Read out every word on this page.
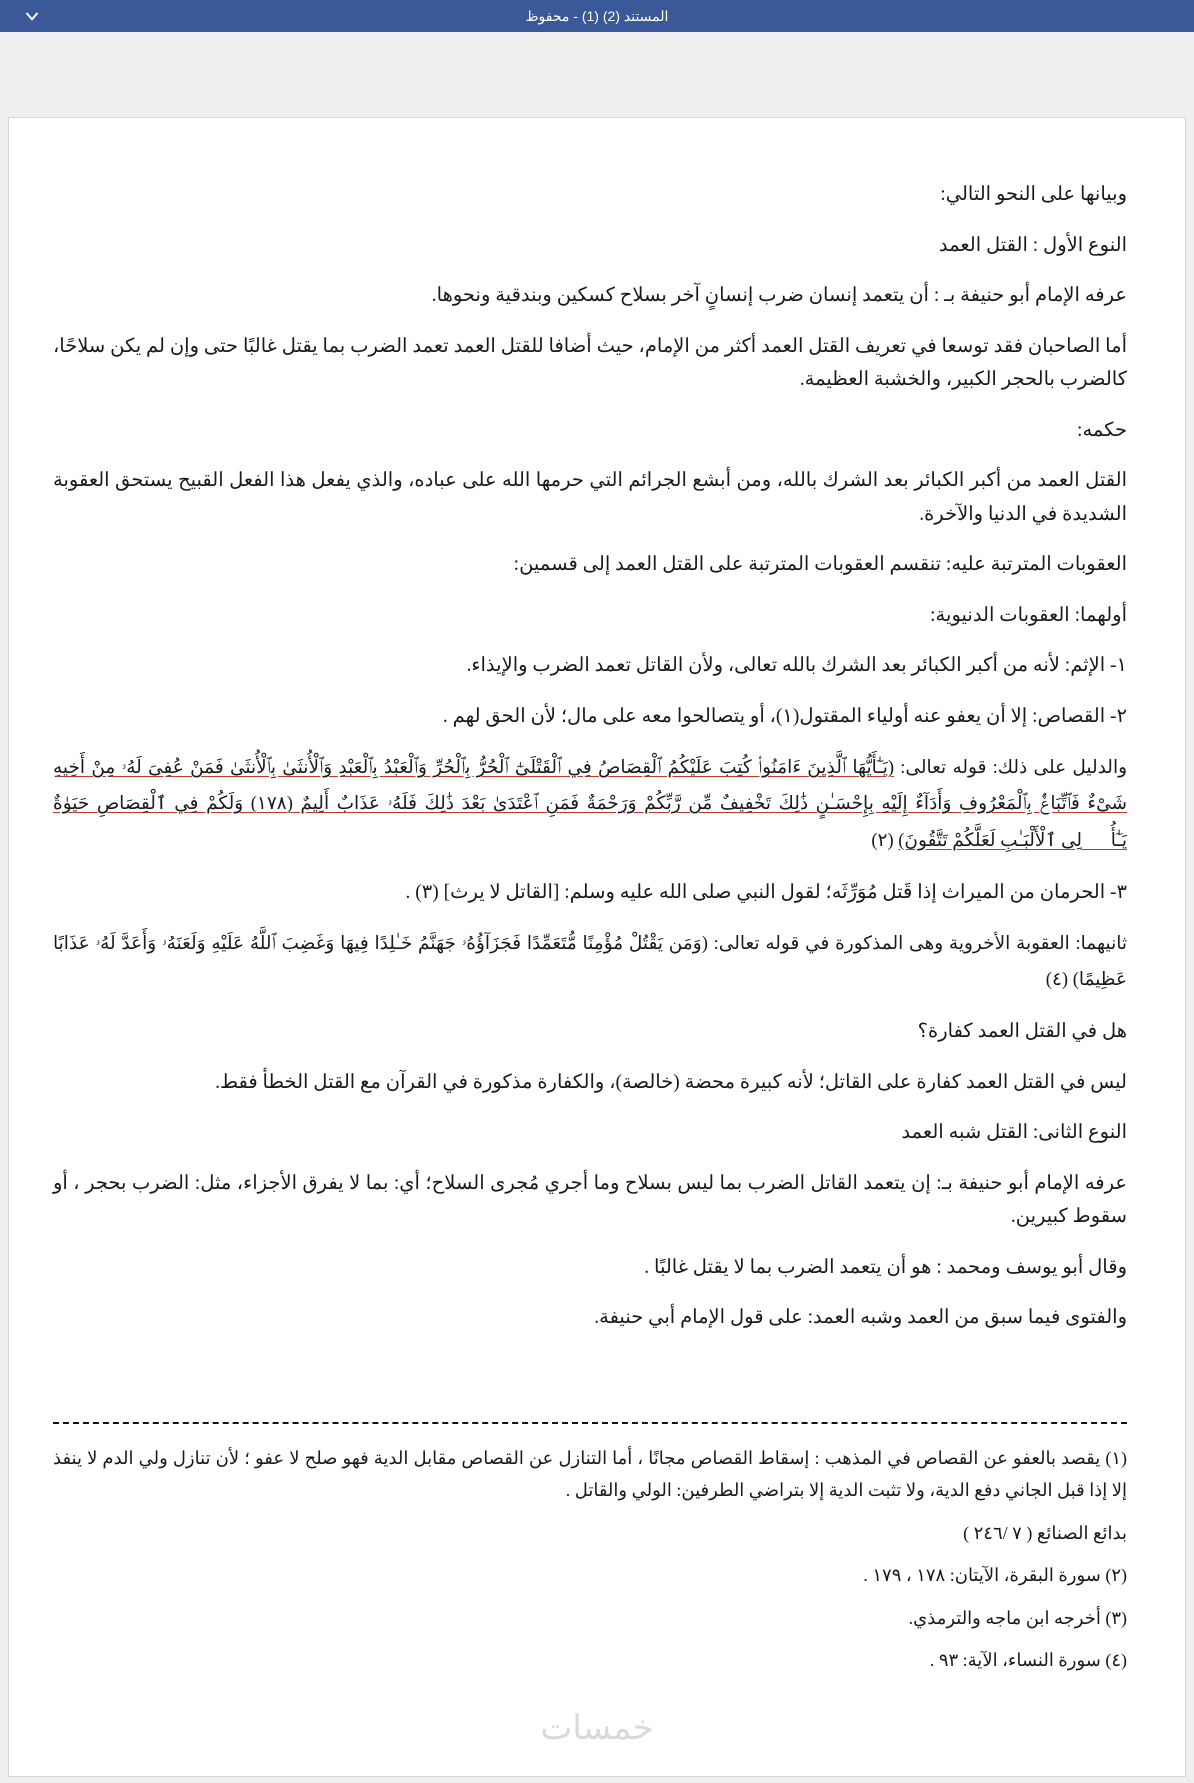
المستند (2) (1) - محفوظ

وبيانها على النحو التالي:

النوع الأول : القتل العمد

عرفه الإمام أبو حنيفة بـ : أن يتعمد إنسان ضرب إنسانٍ آخر بسلاح كسكين وبندقية ونحوها.

أما الصاحبان فقد توسعا في تعريف القتل العمد أكثر من الإمام، حيث أضافا للقتل العمد تعمد الضرب بما يقتل غالبًا حتى وإن لم يكن سلاحًا، كالضرب بالحجر الكبير، والخشبة العظيمة.

حكمه:

القتل العمد من أكبر الكبائر بعد الشرك بالله، ومن أبشع الجرائم التي حرمها الله على عباده، والذي يفعل هذا الفعل القبيح يستحق العقوبة الشديدة في الدنيا والآخرة.

العقوبات المترتبة عليه: تنقسم العقوبات المترتبة على القتل العمد إلى قسمين:

أولهما: العقوبات الدنيوية:

١- الإثم: لأنه من أكبر الكبائر بعد الشرك بالله تعالى، ولأن القاتل تعمد الضرب والإيذاء.

٢- القصاص: إلا أن يعفو عنه أولياء المقتول(١)، أو يتصالحوا معه على مال؛ لأن الحق لهم .

والدليل على ذلك: قوله تعالى: (يَـٰٓأَيُّهَا ٱلَّذِينَ ءَامَنُوا۟ كُتِبَ عَلَيْكُمُ ٱلْقِصَاصُ فِي ٱلْقَتْلَىٰٓ ٱلْحُرُّ بِٱلْحُرِّ وَٱلْعَبْدُ بِٱلْعَبْدِ وَٱلْأُنثَىٰ بِٱلْأُنثَىٰ فَمَنْ عُفِىَ لَهُۥ مِنْ أَخِيهِ شَىْءٌ فَٱتِّبَاعٌۢ بِٱلْمَعْرُوفِ وَأَدَآءٌ إِلَيْهِ بِإِحْسَـٰنٍ ذَٰلِكَ تَخْفِيفٌ مِّن رَّبِّكُمْ وَرَحْمَةٌ فَمَنِ ٱعْتَدَىٰ بَعْدَ ذَٰلِكَ فَلَهُۥ عَذَابٌ أَلِيمٌ (١٧٨) وَلَكُمْ فِي ٱلْقِصَاصِ حَيَوٰةٌ يَـٰٓأُو۟لِى ٱلْأَلْبَـٰبِ لَعَلَّكُمْ تَتَّقُونَ) (٢)

٣- الحرمان من الميراث إذا قَتل مُوَرِّثَه؛ لقول النبي صلى الله عليه وسلم: [القاتل لا يرث] (٣) .

ثانيهما: العقوبة الأخروية وهى المذكورة في قوله تعالى: (وَمَن يَقْتُلْ مُؤْمِنًا مُّتَعَمِّدًا فَجَزَآؤُهُۥ جَهَنَّمُ خَـٰلِدًا فِيهَا وَغَضِبَ ٱللَّهُ عَلَيْهِ وَلَعَنَهُۥ وَأَعَدَّ لَهُۥ عَذَابًا عَظِيمًا) (٤)

هل في القتل العمد كفارة؟

ليس في القتل العمد كفارة على القاتل؛ لأنه كبيرة محضة (خالصة)، والكفارة مذكورة في القرآن مع القتل الخطأ فقط.

النوع الثانى: القتل شبه العمد

عرفه الإمام أبو حنيفة بـ: إن يتعمد القاتل الضرب بما ليس بسلاح وما أجري مُجرى السلاح؛ أي: بما لا يفرق الأجزاء، مثل: الضرب بحجر ، أو سقوط كبيرين.

وقال أبو يوسف ومحمد : هو أن يتعمد الضرب بما لا يقتل غالبًا .

والفتوى فيما سبق من العمد وشبه العمد: على قول الإمام أبي حنيفة.

(١) يقصد بالعفو عن القصاص في المذهب : إسقاط القصاص مجانًا ، أما التنازل عن القصاص مقابل الدية فهو صلح لا عفو ؛ لأن تنازل ولي الدم لا ينفذ إلا إذا قبل الجاني دفع الدية، ولا تثبت الدية إلا بتراضي الطرفين: الولي والقاتل .

بدائع الصنائع ( ٧ /٢٤٦ )

(٢) سورة البقرة، الآيتان: ١٧٨ ، ١٧٩ .

(٣) أخرجه ابن ماجه والترمذي.

(٤) سورة النساء، الآية: ٩٣ .

خمسات
